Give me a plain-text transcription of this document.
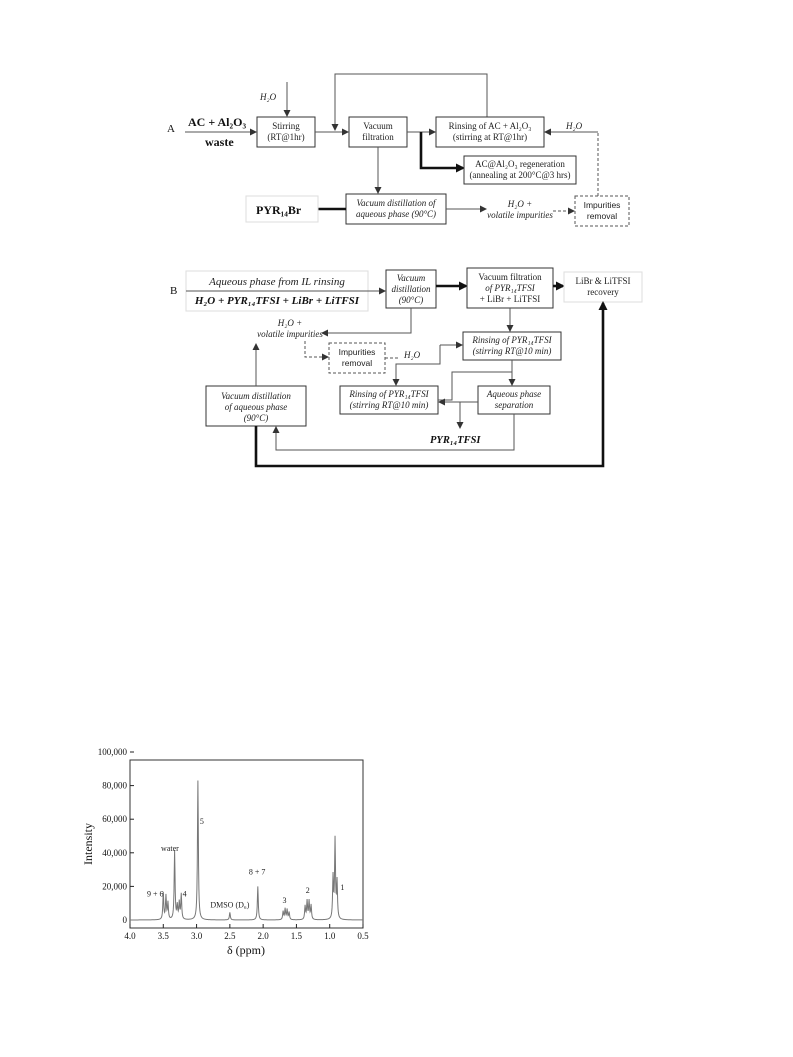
A AC + Al₂O₃
waste
H₂O
Stirring
(RT@1hr)
Vacuum
filtration
Rinsing of AC + Al₂O₃
(stirring at RT@1hr)
H₂O
AC@Al₂O₃ regeneration
(annealing at 200°C@3 hrs)
Vacuum distillation of
aqueous phase (90°C)
PYR₁₄Br	H₂O +
volatile impurities
Impurities
removal
B
Aqueous phase from IL rinsing
H₂O + PYR₁₄TFSI + LiBr + LiTFSI
Vacuum
distillation
(90°C)
Vacuum filtration
of PYR₁₄TFSI
+ LiBr + LiTFSI
LiBr & LiTFSI
recovery
H₂O +
volatile impurities
Impurities
removal
Rinsing of PYR₁₄TFSI
(stirring RT@10 min)
H₂O
Rinsing of PYR₁₄TFSI
(stirring RT@10 min)
Aqueous phase
separation
PYR₁₄TFSI
Vacuum distillation
of aqueous phase
(90°C)
0
20,000
40,000
60,000
80,000
100,000
4.0 3.5 3.0 2.5 2.0 1.5 1.0 0.5
9 + 6
water
4
5
DMSO (D₆)
8 + 7
3
2	1
δ (ppm)
Intensity
